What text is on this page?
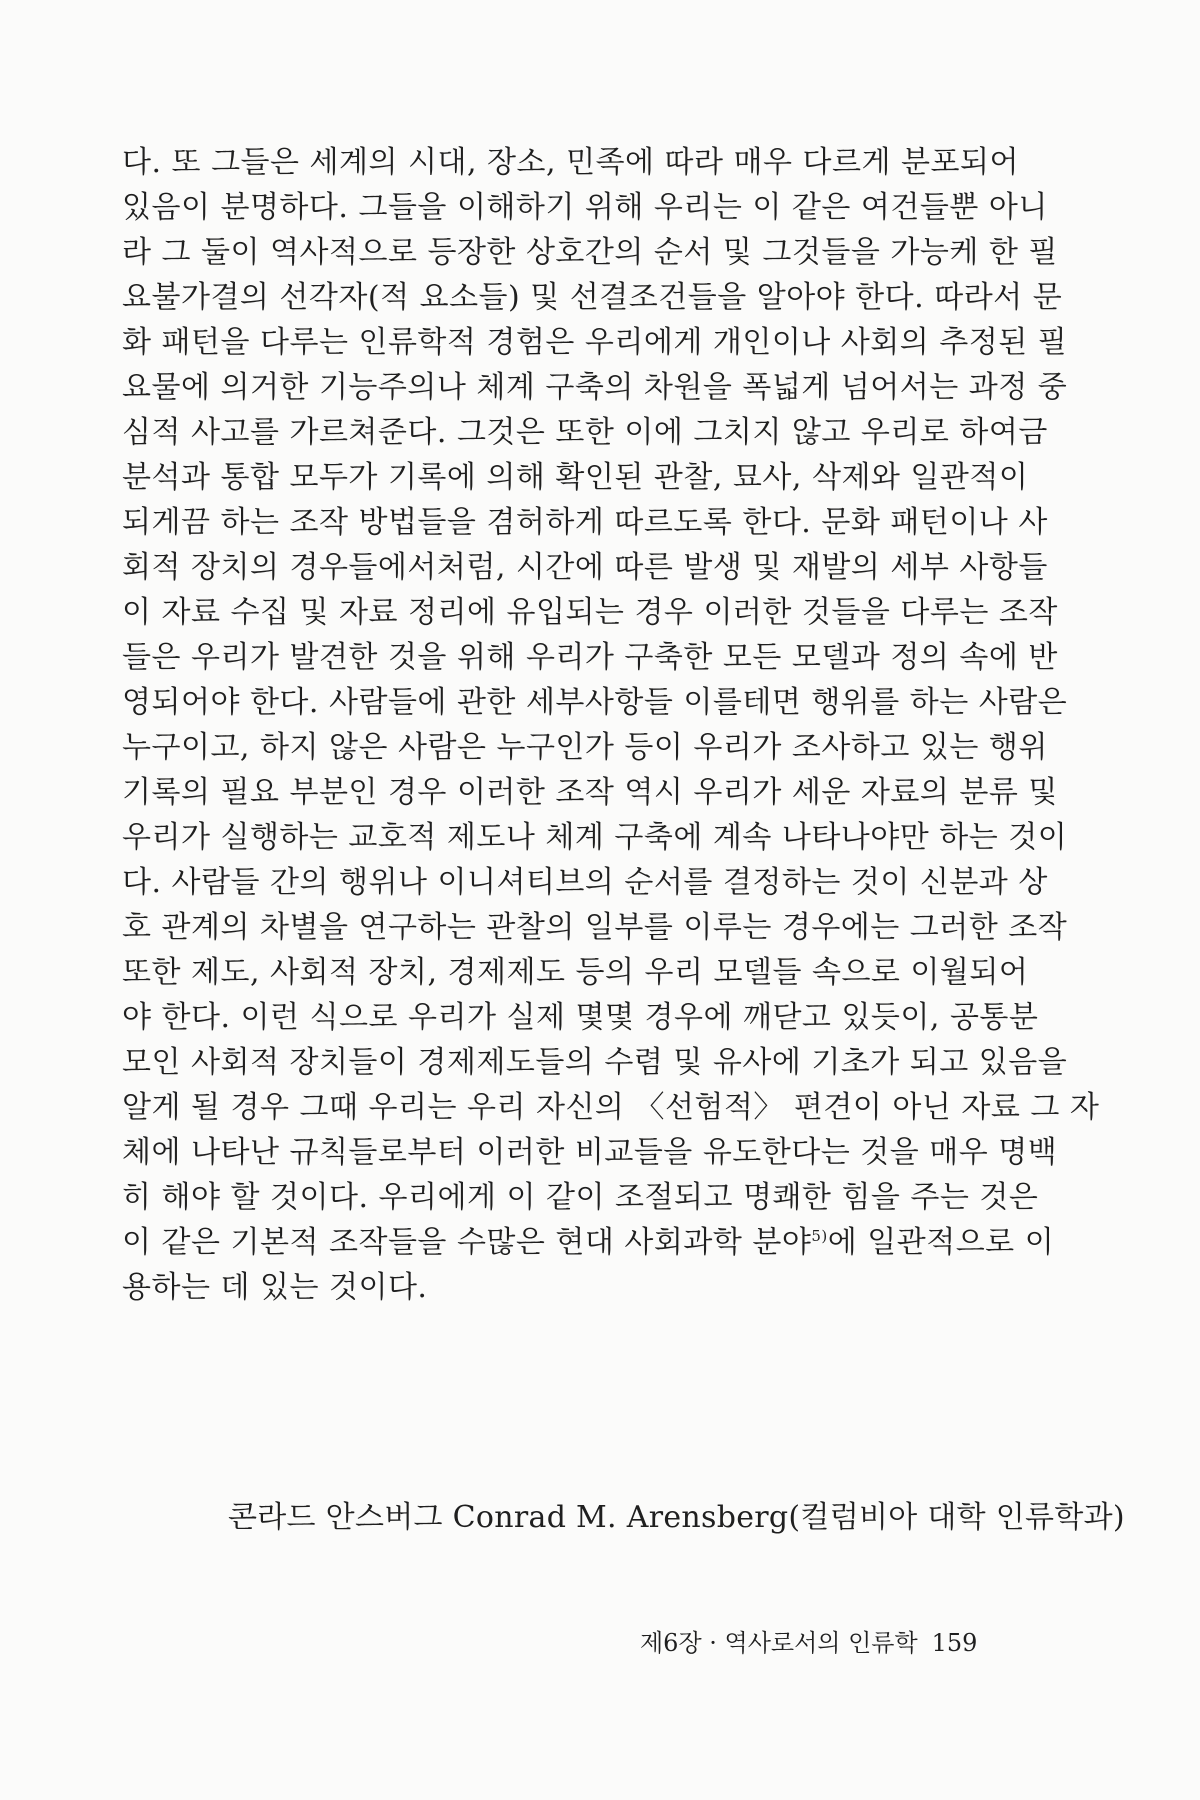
다. 또 그들은 세계의 시대, 장소, 민족에 따라 매우 다르게 분포되어
있음이 분명하다. 그들을 이해하기 위해 우리는 이 같은 여건들뿐 아니
라 그 둘이 역사적으로 등장한 상호간의 순서 및 그것들을 가능케 한 필
요불가결의 선각자(적 요소들) 및 선결조건들을 알아야 한다. 따라서 문
화 패턴을 다루는 인류학적 경험은 우리에게 개인이나 사회의 추정된 필
요물에 의거한 기능주의나 체계 구축의 차원을 폭넓게 넘어서는 과정 중
심적 사고를 가르쳐준다. 그것은 또한 이에 그치지 않고 우리로 하여금
분석과 통합 모두가 기록에 의해 확인된 관찰, 묘사, 삭제와 일관적이
되게끔 하는 조작 방법들을 겸허하게 따르도록 한다. 문화 패턴이나 사
회적 장치의 경우들에서처럼, 시간에 따른 발생 및 재발의 세부 사항들
이 자료 수집 및 자료 정리에 유입되는 경우 이러한 것들을 다루는 조작
들은 우리가 발견한 것을 위해 우리가 구축한 모든 모델과 정의 속에 반
영되어야 한다. 사람들에 관한 세부사항들 이를테면 행위를 하는 사람은
누구이고, 하지 않은 사람은 누구인가 등이 우리가 조사하고 있는 행위
기록의 필요 부분인 경우 이러한 조작 역시 우리가 세운 자료의 분류 및
우리가 실행하는 교호적 제도나 체계 구축에 계속 나타나야만 하는 것이
다. 사람들 간의 행위나 이니셔티브의 순서를 결정하는 것이 신분과 상
호 관계의 차별을 연구하는 관찰의 일부를 이루는 경우에는 그러한 조작
또한 제도, 사회적 장치, 경제제도 등의 우리 모델들 속으로 이월되어
야 한다. 이런 식으로 우리가 실제 몇몇 경우에 깨닫고 있듯이, 공통분
모인 사회적 장치들이 경제제도들의 수렴 및 유사에 기초가 되고 있음을
알게 될 경우 그때 우리는 우리 자신의 〈선험적〉 편견이 아닌 자료 그 자
체에 나타난 규칙들로부터 이러한 비교들을 유도한다는 것을 매우 명백
히 해야 할 것이다. 우리에게 이 같이 조절되고 명쾌한 힘을 주는 것은
이 같은 기본적 조작들을 수많은 현대 사회과학 분야$^{5)}$에 일관적으로 이
용하는 데 있는 것이다.
콘라드 안스버그 Conrad M. Arensberg(컬럼비아 대학 인류학과)
제6장 · 역사로서의 인류학 159
